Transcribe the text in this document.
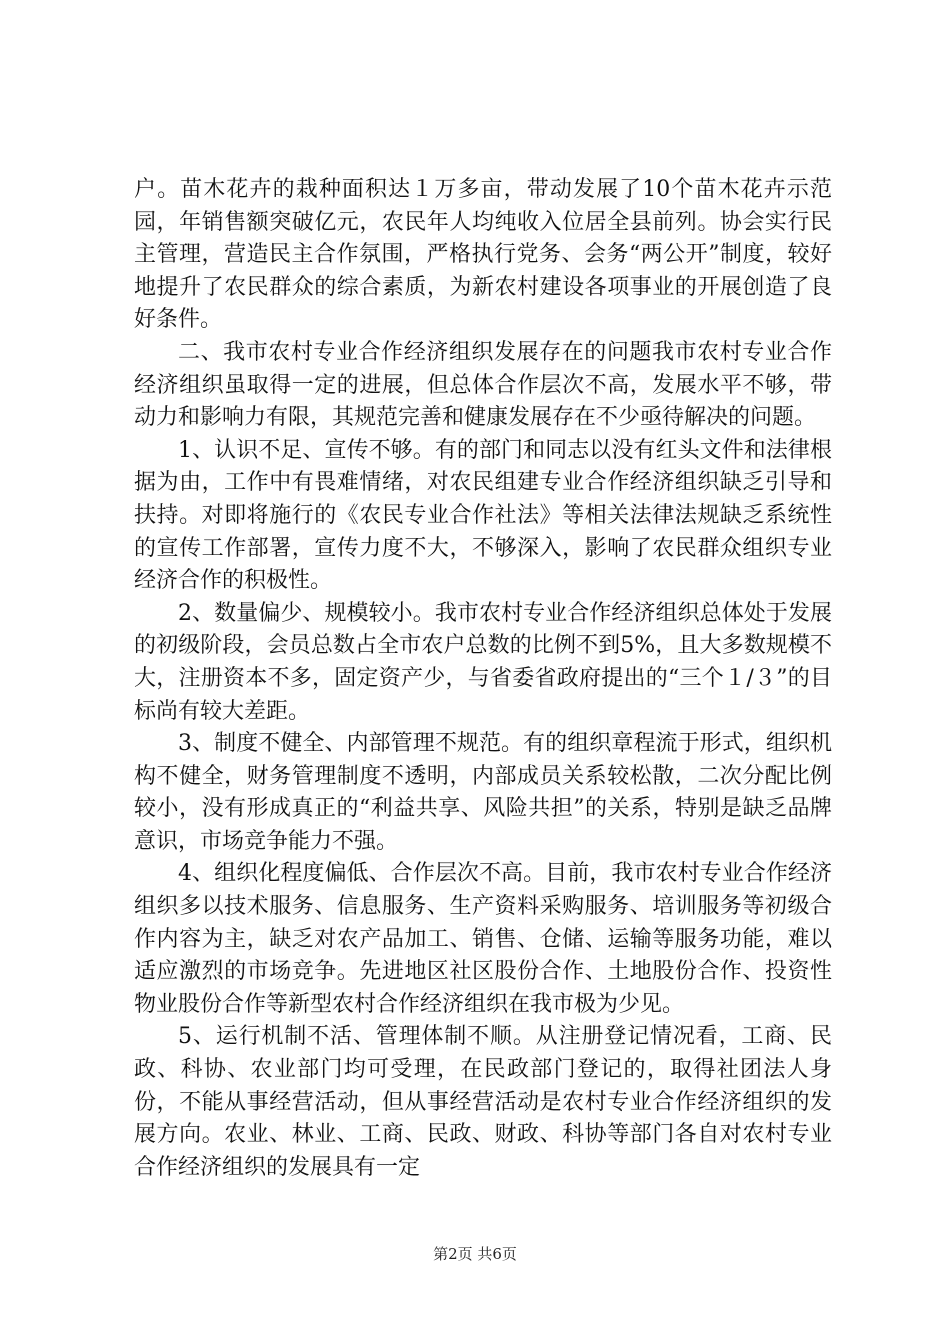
户。苗木花卉的栽种面积达１万多亩，带动发展了10个苗木花卉示范园，年销售额突破亿元，农民年人均纯收入位居全县前列。协会实行民主管理，营造民主合作氛围，严格执行党务、会务“两公开”制度，较好地提升了农民群众的综合素质，为新农村建设各项事业的开展创造了良好条件。

二、我市农村专业合作经济组织发展存在的问题我市农村专业合作经济组织虽取得一定的进展，但总体合作层次不高，发展水平不够，带动力和影响力有限，其规范完善和健康发展存在不少亟待解决的问题。

1、认识不足、宣传不够。有的部门和同志以没有红头文件和法律根据为由，工作中有畏难情绪，对农民组建专业合作经济组织缺乏引导和扶持。对即将施行的《农民专业合作社法》等相关法律法规缺乏系统性的宣传工作部署，宣传力度不大，不够深入，影响了农民群众组织专业经济合作的积极性。

2、数量偏少、规模较小。我市农村专业合作经济组织总体处于发展的初级阶段，会员总数占全市农户总数的比例不到5%，且大多数规模不大，注册资本不多，固定资产少，与省委省政府提出的“三个１/３”的目标尚有较大差距。

3、制度不健全、内部管理不规范。有的组织章程流于形式，组织机构不健全，财务管理制度不透明，内部成员关系较松散，二次分配比例较小，没有形成真正的“利益共享、风险共担”的关系，特别是缺乏品牌意识，市场竞争能力不强。

4、组织化程度偏低、合作层次不高。目前，我市农村专业合作经济组织多以技术服务、信息服务、生产资料采购服务、培训服务等初级合作内容为主，缺乏对农产品加工、销售、仓储、运输等服务功能，难以适应激烈的市场竞争。先进地区社区股份合作、土地股份合作、投资性物业股份合作等新型农村合作经济组织在我市极为少见。

5、运行机制不活、管理体制不顺。从注册登记情况看，工商、民政、科协、农业部门均可受理，在民政部门登记的，取得社团法人身份，不能从事经营活动，但从事经营活动是农村专业合作经济组织的发展方向。农业、林业、工商、民政、财政、科协等部门各自对农村专业合作经济组织的发展具有一定

第2页 共6页
